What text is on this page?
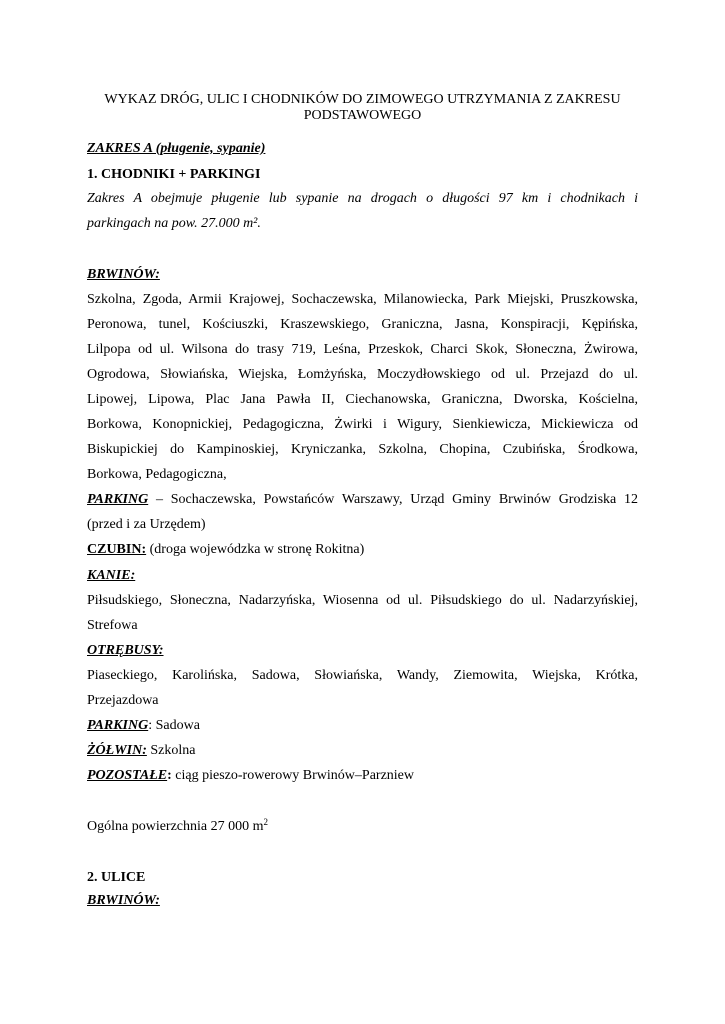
WYKAZ DRÓG, ULIC I CHODNIKÓW DO ZIMOWEGO UTRZYMANIA Z ZAKRESU
PODSTAWOWEGO
ZAKRES A (pługenie, sypanie)
1. CHODNIKI + PARKINGI
Zakres A obejmuje pługenie lub sypanie na drogach o długości 97 km i chodnikach i
parkingach na pow. 27.000 m².
BRWINÓW:
Szkolna, Zgoda, Armii Krajowej, Sochaczewska, Milanowiecka, Park Miejski, Pruszkowska,
Peronowa, tunel, Kościuszki, Kraszewskiego, Graniczna, Jasna, Konspiracji, Kępińska,
Lilpopa od ul. Wilsona do trasy 719, Leśna, Przeskok, Charci Skok, Słoneczna, Żwirowa,
Ogrodowa, Słowiańska, Wiejska, Łomżyńska, Moczydłowskiego od ul. Przejazd do ul.
Lipowej, Lipowa, Plac Jana Pawła II, Ciechanowska, Graniczna, Dworska, Kościelna,
Borkowa, Konopnickiej, Pedagogiczna, Żwirki i Wigury, Sienkiewicza, Mickiewicza od
Biskupickiej do Kampinoskiej, Kryniczanka, Szkolna, Chopina, Czubińska, Środkowa,
Borkowa, Pedagogiczna,
PARKING – Sochaczewska, Powstańców Warszawy, Urząd Gminy Brwinów Grodziska 12
(przed i za Urzędem)
CZUBIN: (droga wojewódzka w stronę Rokitna)
KANIE:
Piłsudskiego, Słoneczna, Nadarzyńska, Wiosenna od ul. Piłsudskiego do ul. Nadarzyńskiej,
Strefowa
OTRĘBUSY:
Piaseckiego, Karolińska, Sadowa, Słowiańska, Wandy, Ziemowita, Wiejska, Krótka,
Przejazdowa
PARKING: Sadowa
ŻÓŁWIN: Szkolna
POZOSTAŁE: ciąg pieszo-rowerowy Brwinów–Parzniew
Ogólna powierzchnia 27 000 $m^2$
2. ULICE
BRWINÓW:
